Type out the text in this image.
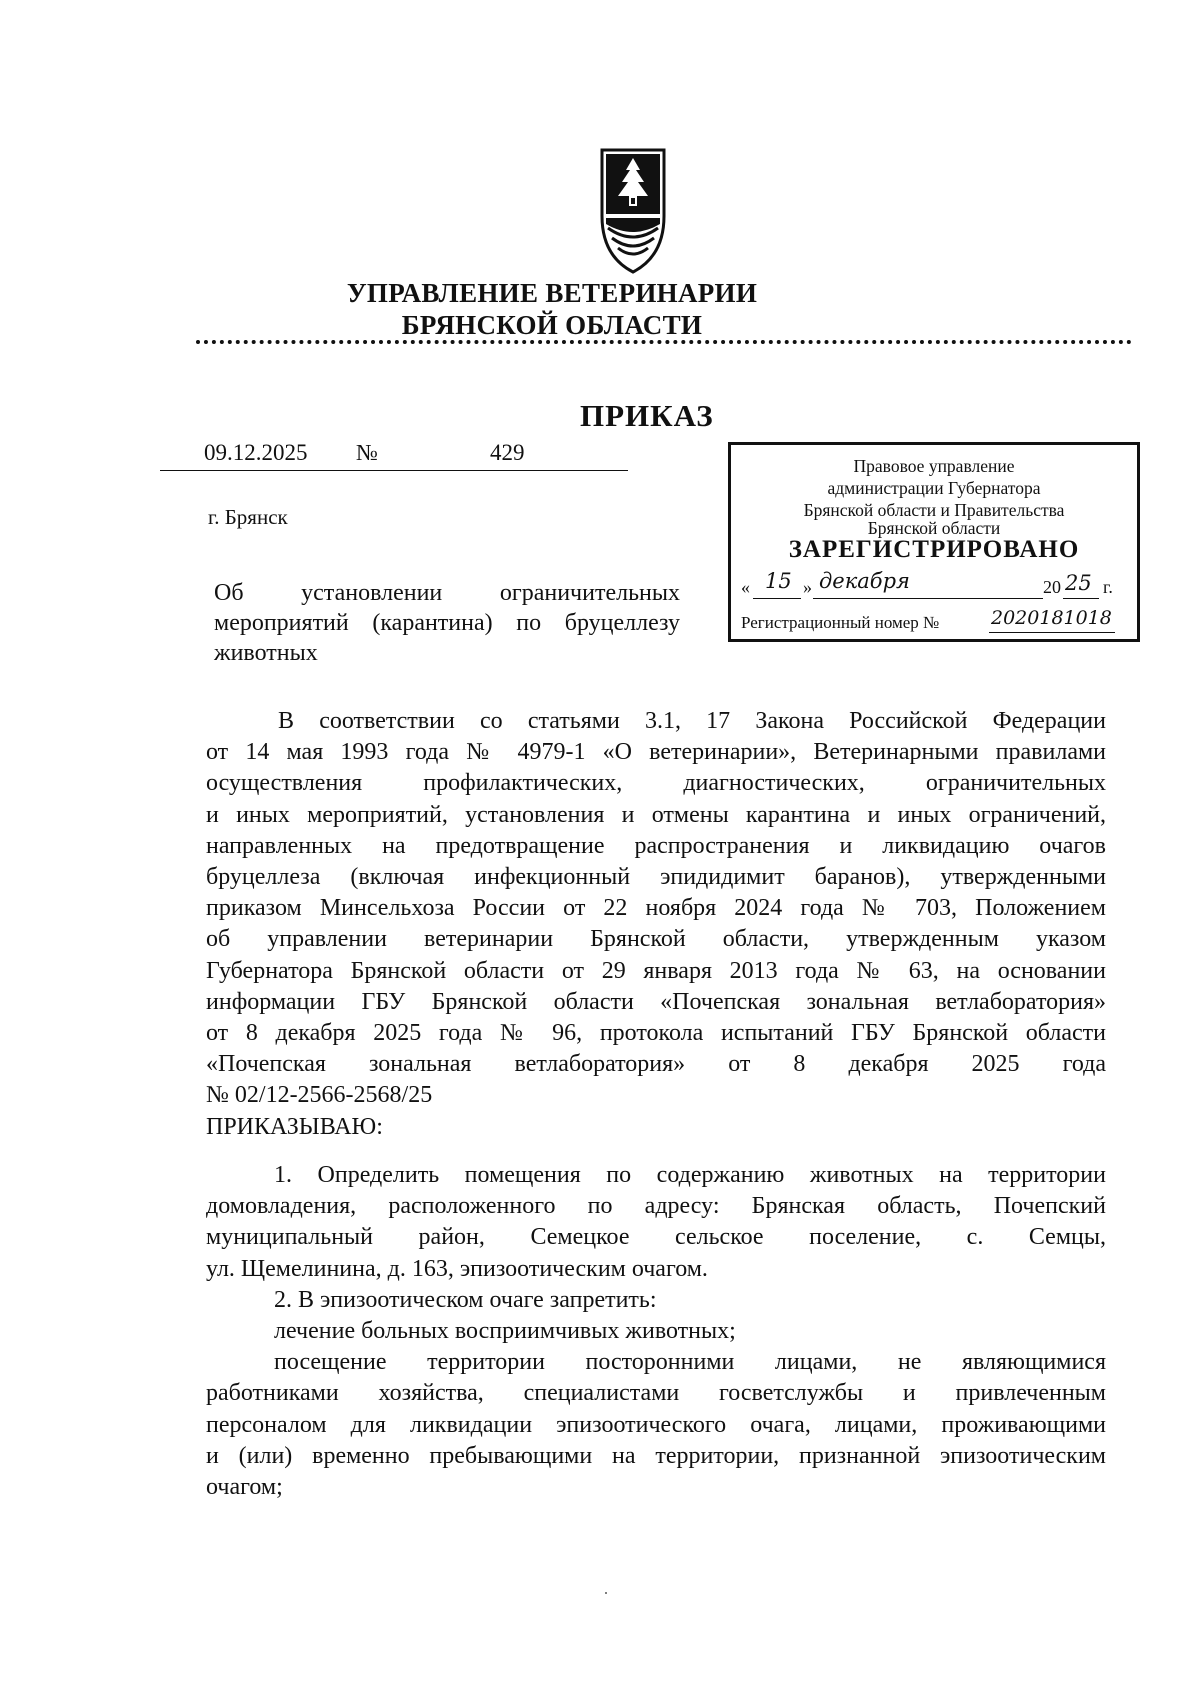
УПРАВЛЕНИЕ ВЕТЕРИНАРИИ
БРЯНСКОЙ ОБЛАСТИ
ПРИКАЗ
09.12.2025 №	429
г. Брянск
Об установлении ограничительных
мероприятий (карантина) по бруцеллезу
животных
Правовое управление
администрации Губернатора
Брянской области и Правительства
Брянской области
ЗАРЕГИСТРИРОВАНО
« 15 » декабря	20 25 г.
Регистрационный номер №	2020181018

В соответствии со статьями 3.1, 17 Закона Российской Федерации

от 14 мая 1993 года № 4979-1 «О ветеринарии», Ветеринарными правилами

осуществления профилактических, диагностических, ограничительных

и иных мероприятий, установления и отмены карантина и иных ограничений,

направленных на предотвращение распространения и ликвидацию очагов

бруцеллеза (включая инфекционный эпидидимит баранов), утвержденными

приказом Минсельхоза России от 22 ноября 2024 года № 703, Положением

об управлении ветеринарии Брянской области, утвержденным указом

Губернатора Брянской области от 29 января 2013 года № 63, на основании

информации ГБУ Брянской области «Почепская зональная ветлаборатория»

от 8 декабря 2025 года № 96, протокола испытаний ГБУ Брянской области

«Почепская зональная ветлаборатория» от 8 декабря 2025 года

№ 02/12-2566-2568/25

ПРИКАЗЫВАЮ:

1. Определить помещения по содержанию животных на территории

домовладения, расположенного по адресу: Брянская область, Почепский

муниципальный район, Семецкое сельское поселение, с. Семцы,

ул. Щемелинина, д. 163, эпизоотическим очагом.

2. В эпизоотическом очаге запретить:

лечение больных восприимчивых животных;

посещение территории посторонними лицами, не являющимися

работниками хозяйства, специалистами госветслужбы и привлеченным

персоналом для ликвидации эпизоотического очага, лицами, проживающими

и (или) временно пребывающими на территории, признанной эпизоотическим

очагом;
